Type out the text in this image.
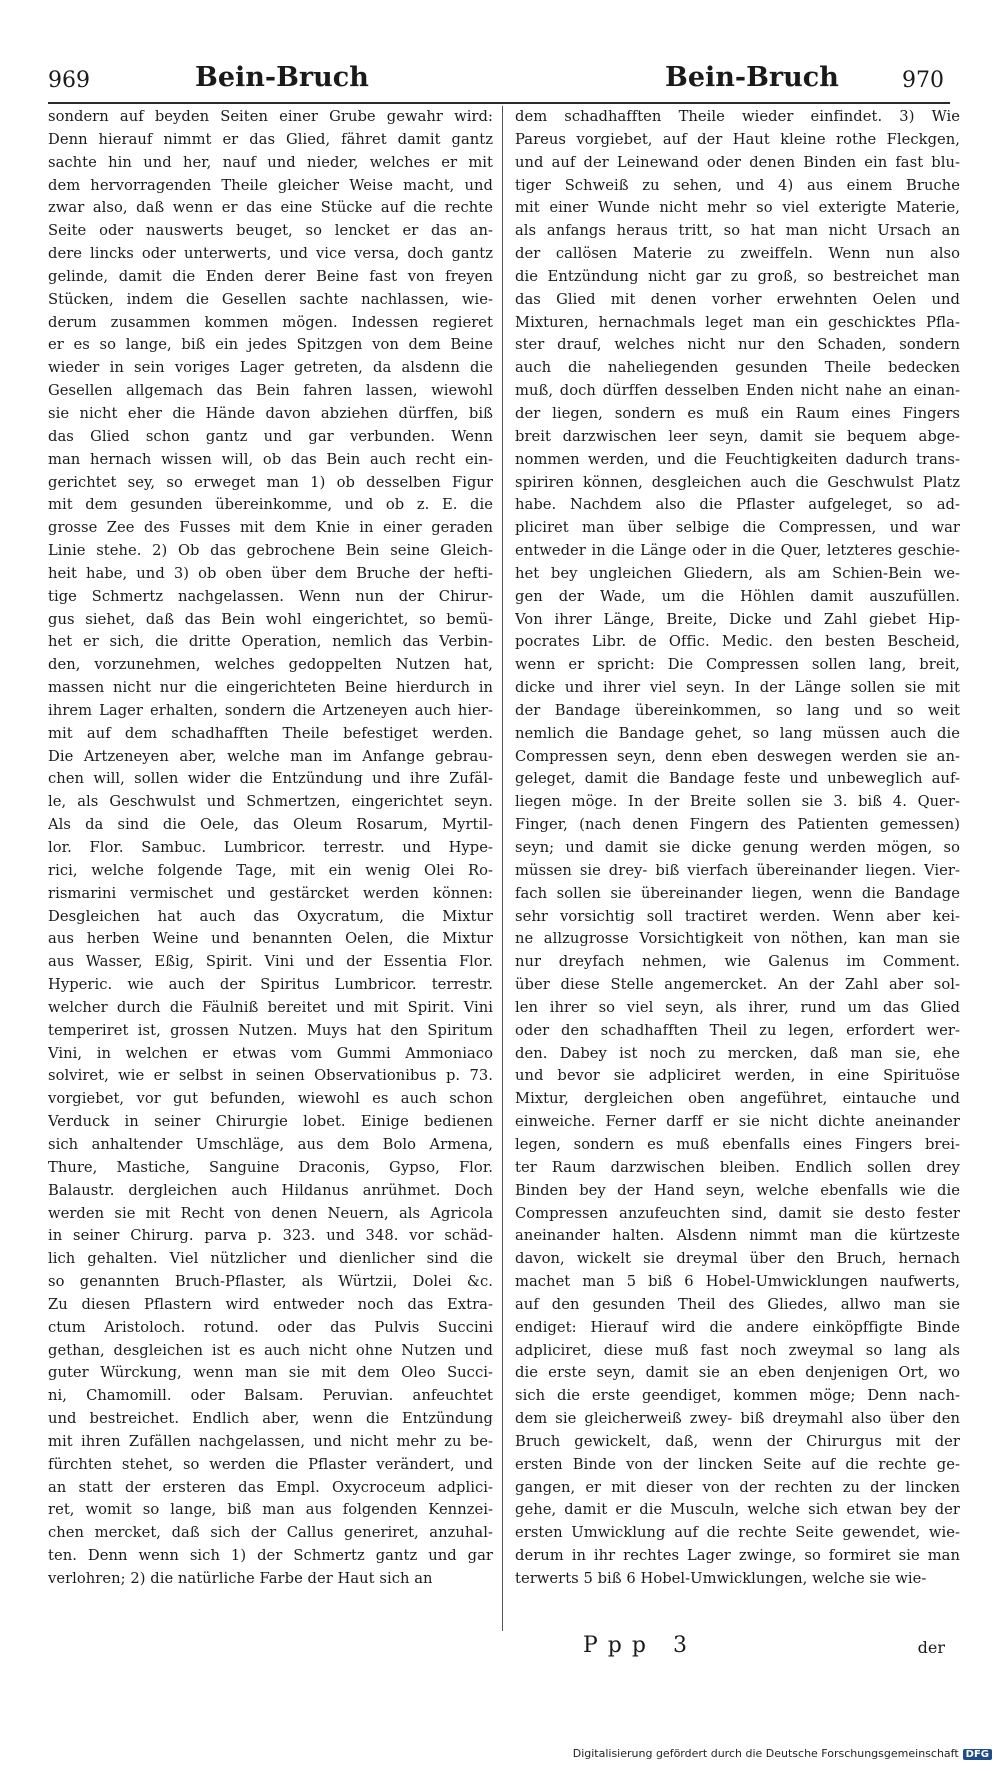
969	Bein-Bruch	Bein-Bruch	970
sondern auf beyden Seiten einer Grube gewahr wird:
Denn hierauf nimmt er das Glied, fähret damit gantz
sachte hin und her, nauf und nieder, welches er mit
dem hervorragenden Theile gleicher Weise macht, und
zwar also, daß wenn er das eine Stücke auf die rechte
Seite oder nauswerts beuget, so lencket er das an-
dere lincks oder unterwerts, und vice versa, doch gantz
gelinde, damit die Enden derer Beine fast von freyen
Stücken, indem die Gesellen sachte nachlassen, wie-
derum zusammen kommen mögen. Indessen regieret
er es so lange, biß ein jedes Spitzgen von dem Beine
wieder in sein voriges Lager getreten, da alsdenn die
Gesellen allgemach das Bein fahren lassen, wiewohl
sie nicht eher die Hände davon abziehen dürffen, biß
das Glied schon gantz und gar verbunden. Wenn
man hernach wissen will, ob das Bein auch recht ein-
gerichtet sey, so erweget man 1) ob desselben Figur
mit dem gesunden übereinkomme, und ob z. E. die
grosse Zee des Fusses mit dem Knie in einer geraden
Linie stehe. 2) Ob das gebrochene Bein seine Gleich-
heit habe, und 3) ob oben über dem Bruche der hefti-
tige Schmertz nachgelassen. Wenn nun der Chirur-
gus siehet, daß das Bein wohl eingerichtet, so bemü-
het er sich, die dritte Operation, nemlich das Verbin-
den, vorzunehmen, welches gedoppelten Nutzen hat,
massen nicht nur die eingerichteten Beine hierdurch in
ihrem Lager erhalten, sondern die Artzeneyen auch hier-
mit auf dem schadhafften Theile befestiget werden.
Die Artzeneyen aber, welche man im Anfange gebrau-
chen will, sollen wider die Entzündung und ihre Zufäl-
le, als Geschwulst und Schmertzen, eingerichtet seyn.
Als da sind die Oele, das Oleum Rosarum, Myrtil-
lor. Flor. Sambuc. Lumbricor. terrestr. und Hype-
rici, welche folgende Tage, mit ein wenig Olei Ro-
rismarini vermischet und gestärcket werden können:
Desgleichen hat auch das Oxycratum, die Mixtur
aus herben Weine und benannten Oelen, die Mixtur
aus Wasser, Eßig, Spirit. Vini und der Essentia Flor.
Hyperic. wie auch der Spiritus Lumbricor. terrestr.
welcher durch die Fäulniß bereitet und mit Spirit. Vini
temperiret ist, grossen Nutzen. Muys hat den Spiritum
Vini, in welchen er etwas vom Gummi Ammoniaco
solviret, wie er selbst in seinen Observationibus p. 73.
vorgiebet, vor gut befunden, wiewohl es auch schon
Verduck in seiner Chirurgie lobet. Einige bedienen
sich anhaltender Umschläge, aus dem Bolo Armena,
Thure, Mastiche, Sanguine Draconis, Gypso, Flor.
Balaustr. dergleichen auch Hildanus anrühmet. Doch
werden sie mit Recht von denen Neuern, als Agricola
in seiner Chirurg. parva p. 323. und 348. vor schäd-
lich gehalten. Viel nützlicher und dienlicher sind die
so genannten Bruch-Pflaster, als Würtzii, Dolei &c.
Zu diesen Pflastern wird entweder noch das Extra-
ctum Aristoloch. rotund. oder das Pulvis Succini
gethan, desgleichen ist es auch nicht ohne Nutzen und
guter Würckung, wenn man sie mit dem Oleo Succi-
ni, Chamomill. oder Balsam. Peruvian. anfeuchtet
und bestreichet. Endlich aber, wenn die Entzündung
mit ihren Zufällen nachgelassen, und nicht mehr zu be-
fürchten stehet, so werden die Pflaster verändert, und
an statt der ersteren das Empl. Oxycroceum adplici-
ret, womit so lange, biß man aus folgenden Kennzei-
chen mercket, daß sich der Callus generiret, anzuhal-
ten. Denn wenn sich 1) der Schmertz gantz und gar
verlohren; 2) die natürliche Farbe der Haut sich an
dem schadhafften Theile wieder einfindet. 3) Wie
Pareus vorgiebet, auf der Haut kleine rothe Fleckgen,
und auf der Leinewand oder denen Binden ein fast blu-
tiger Schweiß zu sehen, und 4) aus einem Bruche
mit einer Wunde nicht mehr so viel exterigte Materie,
als anfangs heraus tritt, so hat man nicht Ursach an
der callösen Materie zu zweiffeln. Wenn nun also
die Entzündung nicht gar zu groß, so bestreichet man
das Glied mit denen vorher erwehnten Oelen und
Mixturen, hernachmals leget man ein geschicktes Pfla-
ster drauf, welches nicht nur den Schaden, sondern
auch die naheliegenden gesunden Theile bedecken
muß, doch dürffen desselben Enden nicht nahe an einan-
der liegen, sondern es muß ein Raum eines Fingers
breit darzwischen leer seyn, damit sie bequem abge-
nommen werden, und die Feuchtigkeiten dadurch trans-
spiriren können, desgleichen auch die Geschwulst Platz
habe. Nachdem also die Pflaster aufgeleget, so ad-
pliciret man über selbige die Compressen, und war
entweder in die Länge oder in die Quer, letzteres geschie-
het bey ungleichen Gliedern, als am Schien-Bein we-
gen der Wade, um die Höhlen damit auszufüllen.
Von ihrer Länge, Breite, Dicke und Zahl giebet Hip-
pocrates Libr. de Offic. Medic. den besten Bescheid,
wenn er spricht: Die Compressen sollen lang, breit,
dicke und ihrer viel seyn. In der Länge sollen sie mit
der Bandage übereinkommen, so lang und so weit
nemlich die Bandage gehet, so lang müssen auch die
Compressen seyn, denn eben deswegen werden sie an-
geleget, damit die Bandage feste und unbeweglich auf-
liegen möge. In der Breite sollen sie 3. biß 4. Quer-
Finger, (nach denen Fingern des Patienten gemessen)
seyn; und damit sie dicke genung werden mögen, so
müssen sie drey- biß vierfach übereinander liegen. Vier-
fach sollen sie übereinander liegen, wenn die Bandage
sehr vorsichtig soll tractiret werden. Wenn aber kei-
ne allzugrosse Vorsichtigkeit von nöthen, kan man sie
nur dreyfach nehmen, wie Galenus im Comment.
über diese Stelle angemercket. An der Zahl aber sol-
len ihrer so viel seyn, als ihrer, rund um das Glied
oder den schadhafften Theil zu legen, erfordert wer-
den. Dabey ist noch zu mercken, daß man sie, ehe
und bevor sie adpliciret werden, in eine Spirituöse
Mixtur, dergleichen oben angeführet, eintauche und
einweiche. Ferner darff er sie nicht dichte aneinander
legen, sondern es muß ebenfalls eines Fingers brei-
ter Raum darzwischen bleiben. Endlich sollen drey
Binden bey der Hand seyn, welche ebenfalls wie die
Compressen anzufeuchten sind, damit sie desto fester
aneinander halten. Alsdenn nimmt man die kürtzeste
davon, wickelt sie dreymal über den Bruch, hernach
machet man 5 biß 6 Hobel-Umwicklungen naufwerts,
auf den gesunden Theil des Gliedes, allwo man sie
endiget: Hierauf wird die andere einköpffigte Binde
adpliciret, diese muß fast noch zweymal so lang als
die erste seyn, damit sie an eben denjenigen Ort, wo
sich die erste geendiget, kommen möge; Denn nach-
dem sie gleicherweiß zwey- biß dreymahl also über den
Bruch gewickelt, daß, wenn der Chirurgus mit der
ersten Binde von der lincken Seite auf die rechte ge-
gangen, er mit dieser von der rechten zu der lincken
gehe, damit er die Musculn, welche sich etwan bey der
ersten Umwicklung auf die rechte Seite gewendet, wie-
derum in ihr rechtes Lager zwinge, so formiret sie man
terwerts 5 biß 6 Hobel-Umwicklungen, welche sie wie-
Ppp 3	der
Digitalisierung gefördert durch die Deutsche Forschungsgemeinschaft DFG
